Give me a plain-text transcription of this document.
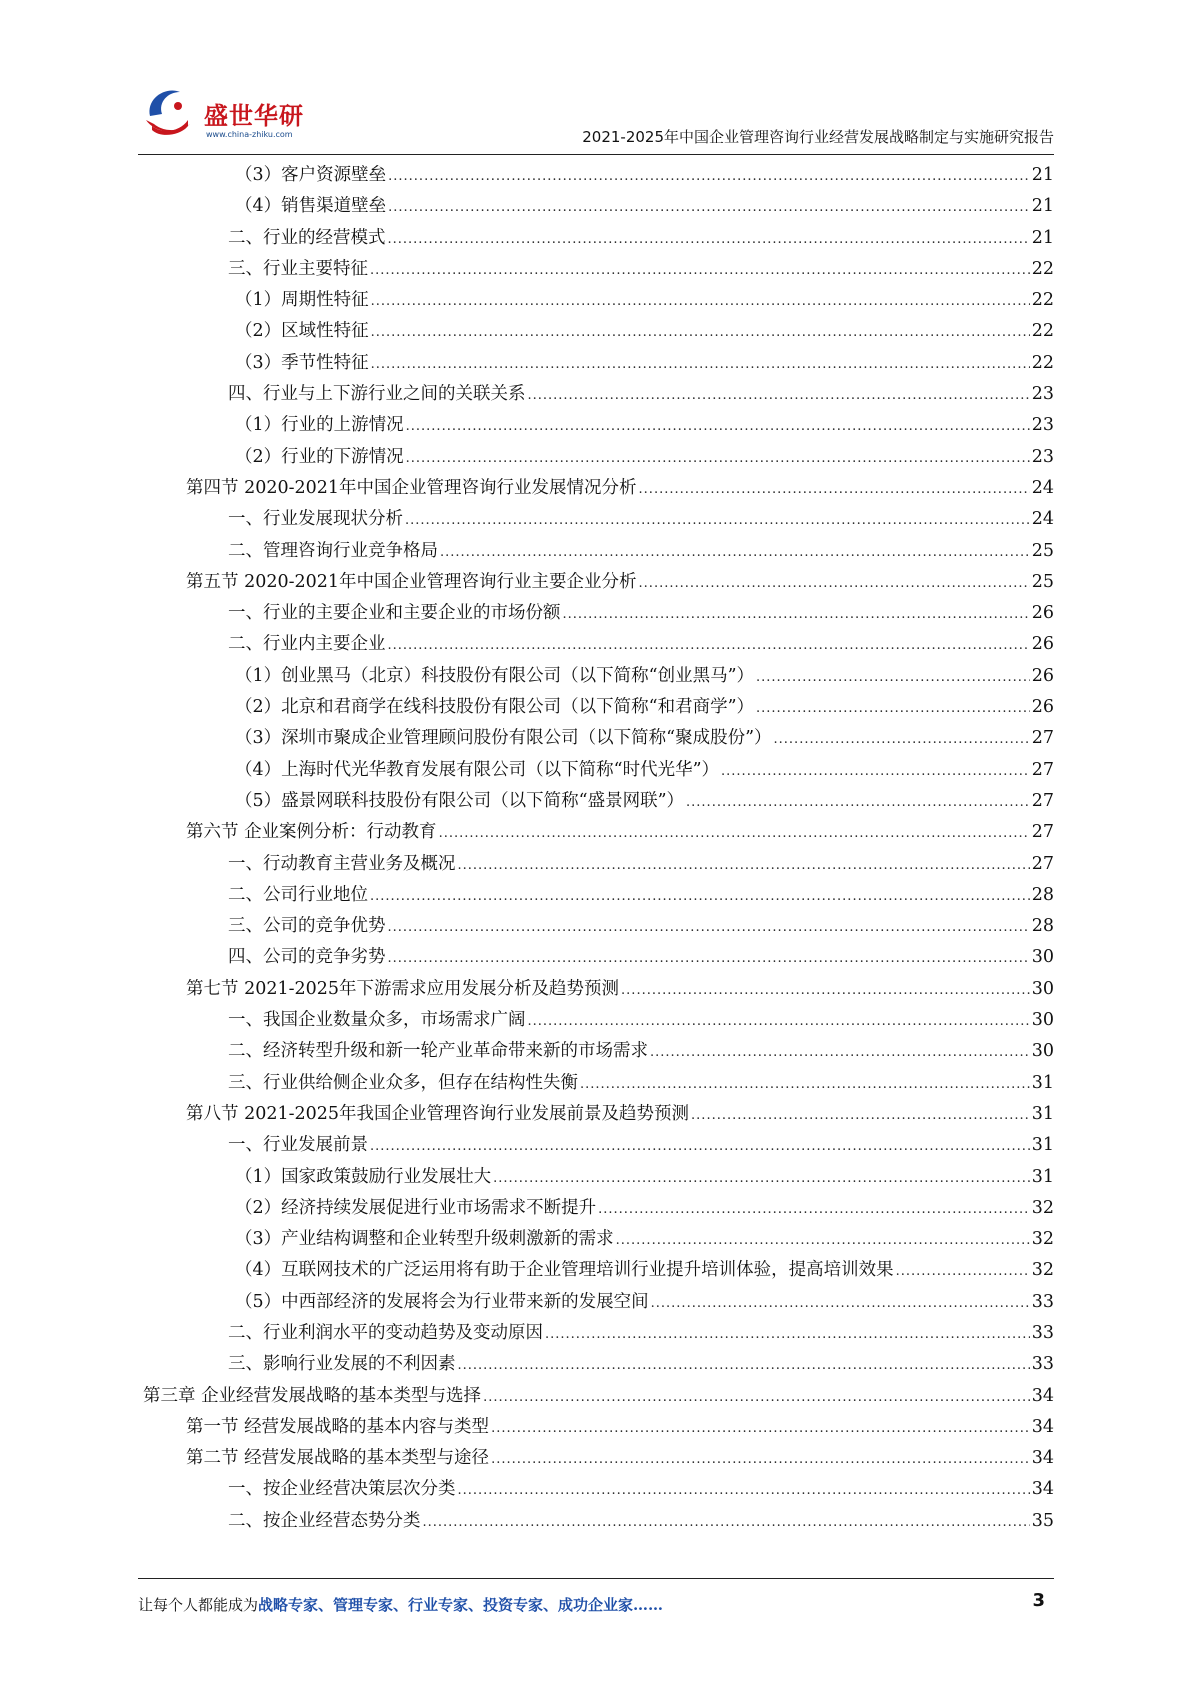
盛世华研
www.china-zhiku.com	2021-2025年中国企业管理咨询行业经营发展战略制定与实施研究报告
（3）客户资源壁垒 .....	21
（4）销售渠道壁垒 .....	21
二、行业的经营模式 .....	21
三、行业主要特征 .....	22
（1）周期性特征 .....	22
（2）区域性特征 .....	22
（3）季节性特征 .....	22
四、行业与上下游行业之间的关联关系 .....	23
（1）行业的上游情况 .....	23
（2）行业的下游情况 .....	23
第四节 2020-2021年中国企业管理咨询行业发展情况分析 .....	24
一、行业发展现状分析 .....	24
二、管理咨询行业竞争格局 .....	25
第五节 2020-2021年中国企业管理咨询行业主要企业分析 .....	25
一、行业的主要企业和主要企业的市场份额 .....	26
二、行业内主要企业 .....	26
（1）创业黑马（北京）科技股份有限公司（以下简称“创业黑马”） .....	26
（2）北京和君商学在线科技股份有限公司（以下简称“和君商学”） .....	26
（3）深圳市聚成企业管理顾问股份有限公司（以下简称“聚成股份”） .....	27
（4）上海时代光华教育发展有限公司（以下简称“时代光华”） .....	27
（5）盛景网联科技股份有限公司（以下简称“盛景网联”） .....	27
第六节 企业案例分析：行动教育 .....	27
一、行动教育主营业务及概况 .....	27
二、公司行业地位 .....	28
三、公司的竞争优势 .....	28
四、公司的竞争劣势 .....	30
第七节 2021-2025年下游需求应用发展分析及趋势预测 .....	30
一、我国企业数量众多，市场需求广阔 .....	30
二、经济转型升级和新一轮产业革命带来新的市场需求 .....	30
三、行业供给侧企业众多，但存在结构性失衡 .....	31
第八节 2021-2025年我国企业管理咨询行业发展前景及趋势预测 .....	31
一、行业发展前景 .....	31
（1）国家政策鼓励行业发展壮大 .....	31
（2）经济持续发展促进行业市场需求不断提升 .....	32
（3）产业结构调整和企业转型升级刺激新的需求 .....	32
（4）互联网技术的广泛运用将有助于企业管理培训行业提升培训体验，提高培训效果 .....	32
（5）中西部经济的发展将会为行业带来新的发展空间 .....	33
二、行业利润水平的变动趋势及变动原因 .....	33
三、影响行业发展的不利因素 .....	33
第三章 企业经营发展战略的基本类型与选择 .....	34
第一节 经营发展战略的基本内容与类型 .....	34
第二节 经营发展战略的基本类型与途径 .....	34
一、按企业经营决策层次分类 .....	34
二、按企业经营态势分类 .....	35
让每个人都能成为战略专家、管理专家、行业专家、投资专家、成功企业家……	3
